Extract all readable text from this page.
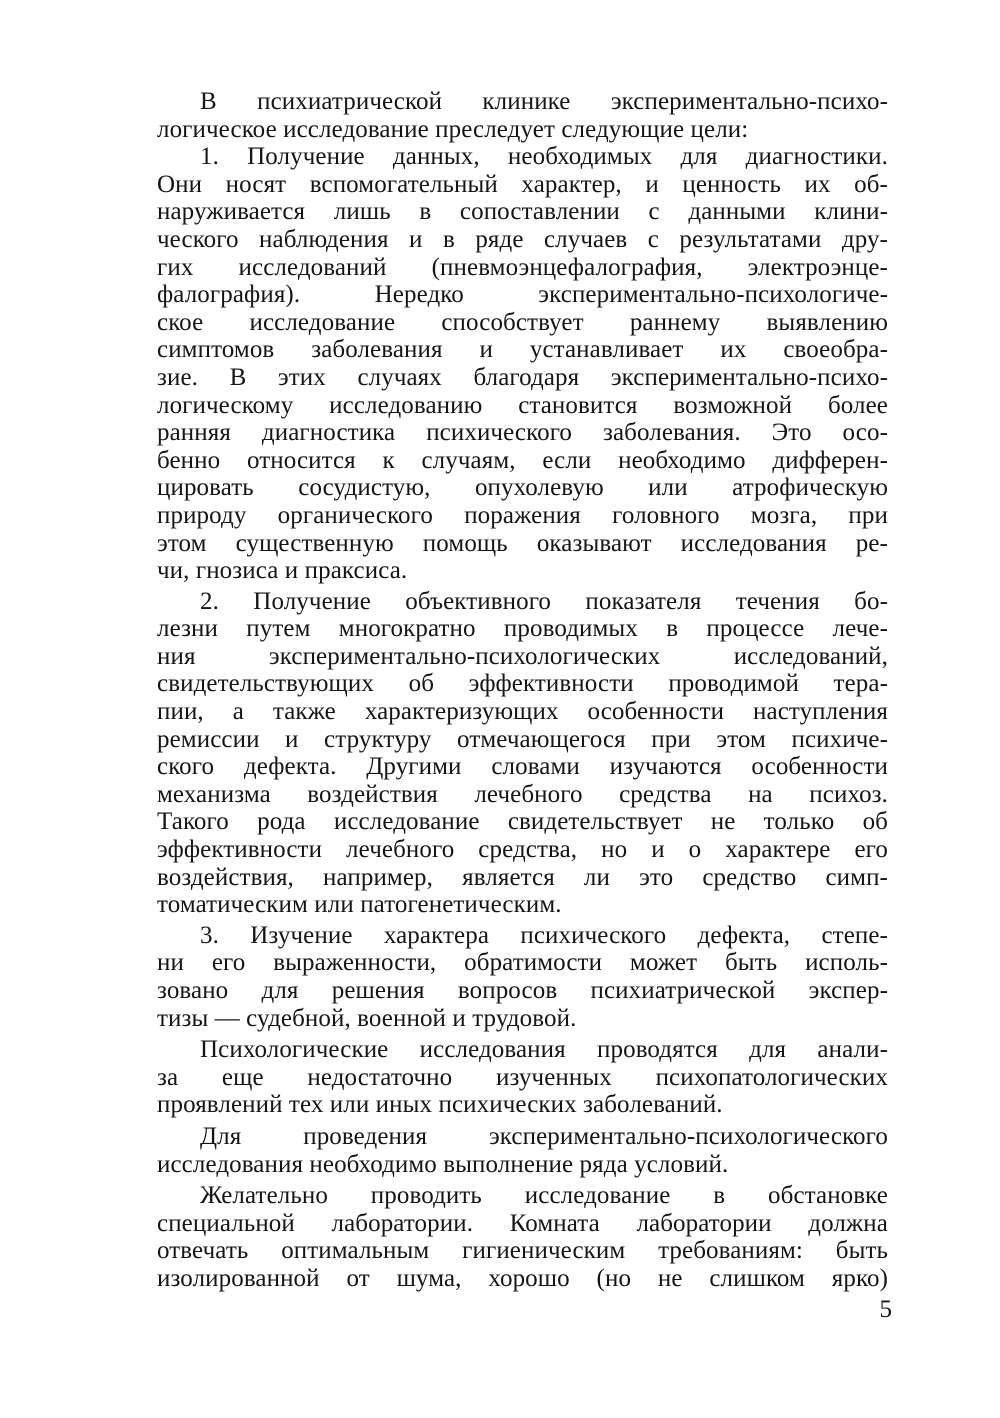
В психиатрической клинике экспериментально-психо-
логическое исследование преследует следующие цели:
1. Получение данных, необходимых для диагностики.
Они носят вспомогательный характер, и ценность их об-
наруживается лишь в сопоставлении с данными клини-
ческого наблюдения и в ряде случаев с результатами дру-
гих исследований (пневмоэнцефалография, электроэнце-
фалография). Нередко экспериментально-психологиче-
ское исследование способствует раннему выявлению
симптомов заболевания и устанавливает их своеобра-
зие. В этих случаях благодаря экспериментально-психо-
логическому исследованию становится возможной более
ранняя диагностика психического заболевания. Это осо-
бенно относится к случаям, если необходимо дифферен-
цировать сосудистую, опухолевую или атрофическую
природу органического поражения головного мозга, при
этом существенную помощь оказывают исследования ре-
чи, гнозиса и праксиса.
2. Получение объективного показателя течения бо-
лезни путем многократно проводимых в процессе лече-
ния экспериментально-психологических исследований,
свидетельствующих об эффективности проводимой тера-
пии, а также характеризующих особенности наступления
ремиссии и структуру отмечающегося при этом психиче-
ского дефекта. Другими словами изучаются особенности
механизма воздействия лечебного средства на психоз.
Такого рода исследование свидетельствует не только об
эффективности лечебного средства, но и о характере его
воздействия, например, является ли это средство симп-
томатическим или патогенетическим.
3. Изучение характера психического дефекта, степе-
ни его выраженности, обратимости может быть исполь-
зовано для решения вопросов психиатрической экспер-
тизы — судебной, военной и трудовой.
Психологические исследования проводятся для анали-
за еще недостаточно изученных психопатологических
проявлений тех или иных психических заболеваний.
Для проведения экспериментально-психологического
исследования необходимо выполнение ряда условий.
Желательно проводить исследование в обстановке
специальной лаборатории. Комната лаборатории должна
отвечать оптимальным гигиеническим требованиям: быть
изолированной от шума, хорошо (но не слишком ярко)
5
